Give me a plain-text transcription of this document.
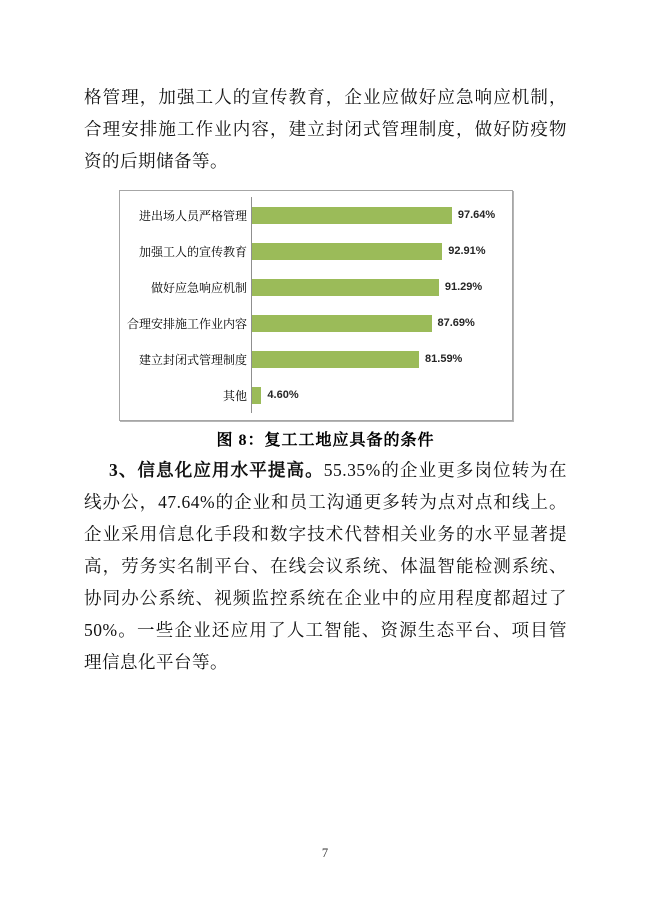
格管理，加强工人的宣传教育，企业应做好应急响应机制，合理安排施工作业内容，建立封闭式管理制度，做好防疫物资的后期储备等。

进出场人员严格管理	97.64%
加强工人的宣传教育	92.91%
做好应急响应机制	91.29%
合理安排施工作业内容	87.69%
建立封闭式管理制度	81.59%
其他	4.60%
图 8：复工工地应具备的条件

3、信息化应用水平提高。55.35%的企业更多岗位转为在线办公，47.64%的企业和员工沟通更多转为点对点和线上。企业采用信息化手段和数字技术代替相关业务的水平显著提高，劳务实名制平台、在线会议系统、体温智能检测系统、协同办公系统、视频监控系统在企业中的应用程度都超过了 50%。一些企业还应用了人工智能、资源生态平台、项目管理信息化平台等。

7
